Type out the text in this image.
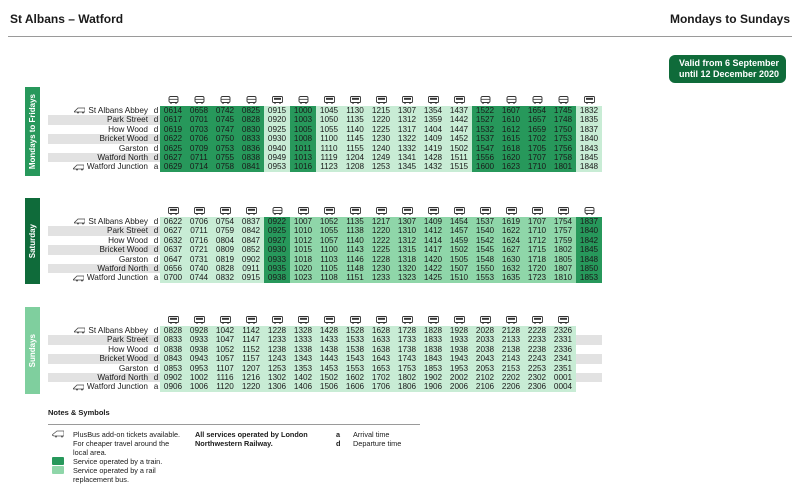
St Albans – Watford	Mondays to Sundays
Valid from 6 September
until 12 December 2020
Mondays to Fridays	St Albans Abbey d 0614 0658 0742 0825 0915 1000 1045 1130 1215 1307 1354 1437 1522 1607 1654 1745 1832
Park Street d 0617 0701 0745 0828 0920 1003 1050 1135 1220 1312 1359 1442 1527 1610 1657 1748 1835
How Wood d 0619 0703 0747 0830 0925 1005 1055 1140 1225 1317 1404 1447 1532 1612 1659 1750 1837
Bricket Wood d 0622 0706 0750 0833 0930 1008 1100	1145 1230 1322 1409 1452 1537 1615 1702 1753 1840
Garston d 0625 0709 0753 0836 0940 1011	1110	1155 1240 1332 1419 1502 1547 1618 1705 1756 1843
Watford North d 0627 0711 0755 0838 0949 1013	1119	1204 1249 1341 1428 1511 1556 1620 1707 1758 1845
Watford Junction a 0629 0714 0758 0841 0953 1016 1123 1208 1253 1345 1432 1515 1600 1623 1710 1801 1848
Saturday
St Albans Abbey d 0622 0706 0754 0837 0922 1007 1052 1135 1217 1307 1409 1454 1537 1619 1707 1754 1837
Park Street d 0627 0711 0759 0842 0925 1010 1055 1138 1220 1310 1412 1457 1540 1622 1710 1757 1840
How Wood d 0632 0716 0804 0847 0927 1012 1057 1140 1222 1312 1414 1459 1542 1624 1712 1759 1842
Bricket Wood d 0637 0721 0809 0852 0930 1015 1100	1143 1225 1315 1417 1502 1545 1627 1715 1802 1845
Garston d 0647 0731 0819 0902 0933 1018 1103	1146 1228 1318 1420 1505 1548 1630 1718 1805 1848
Watford North d 0656 0740 0828 0911 0935 1020 1105	1148 1230 1320 1422 1507 1550 1632 1720 1807 1850
Watford Junction a 0700 0744 0832 0915 0938 1023 1108	1151 1233 1323 1425 1510 1553 1635 1723 1810 1853
Sundays
St Albans Abbey d 0828 0928 1042 1142 1228 1328 1428 1528 1628 1728 1828 1928 2028 2128 2228 2326
Park Street d 0833 0933 1047 1147 1233 1333 1433 1533 1633 1733 1833 1933 2033 2133 2233 2331
How Wood d 0838 0938 1052 1152 1238 1338 1438 1538 1638 1738 1838 1938 2038 2138 2238 2336
Bricket Wood d 0843 0943 1057 1157 1243 1343 1443 1543 1643 1743 1843 1943 2043 2143 2243 2341
Garston d 0853 0953 1107 1207 1253 1353 1453 1553 1653 1753 1853 1953 2053 2153 2253 2351
Watford North d 0902 1002	1116	1216 1302 1402 1502 1602 1702 1802 1902 2002 2102 2202 2302 0001
Watford Junction a 0906 1006 1120 1220 1306 1406 1506 1606 1706 1806 1906 2006 2106 2206 2306 0004
Notes & Symbols
PlusBus add-on tickets available.
For cheaper travel around the
local area.
Service operated by a train.
Service operated by a rail
replacement bus.
All services operated by London
Northwestern Railway.
a Arrival time
d Departure time
